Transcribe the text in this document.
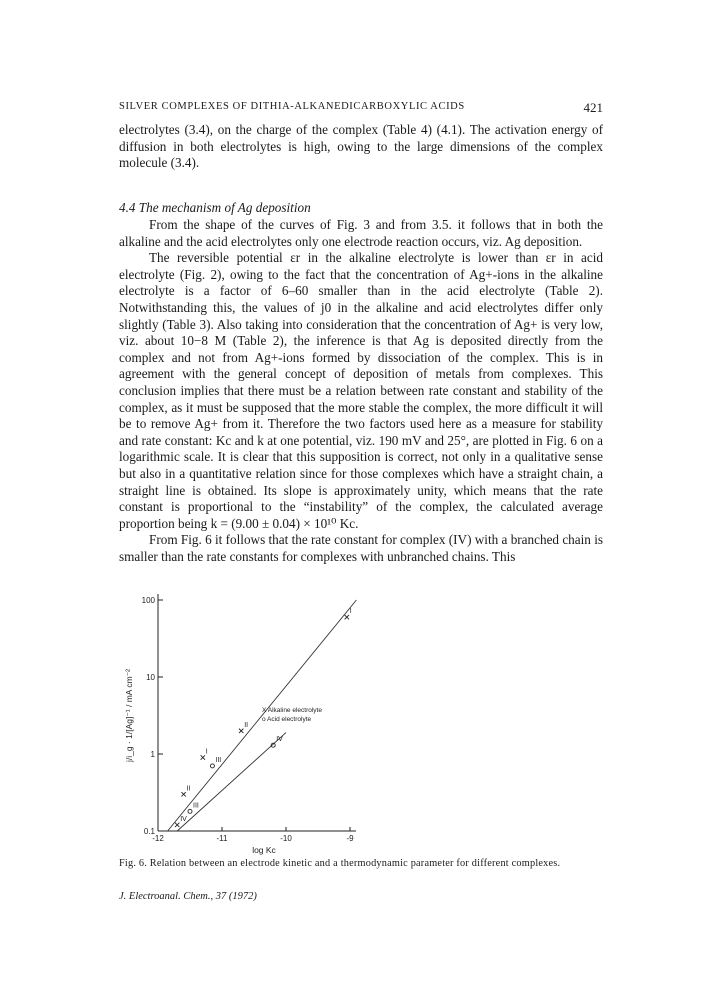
SILVER COMPLEXES OF DITHIA-ALKANEDICARBOXYLIC ACIDS	421

electrolytes (3.4), on the charge of the complex (Table 4) (4.1). The activation energy of diffusion in both electrolytes is high, owing to the large dimensions of the complex molecule (3.4).

4.4 The mechanism of Ag deposition

From the shape of the curves of Fig. 3 and from 3.5. it follows that in both the alkaline and the acid electrolytes only one electrode reaction occurs, viz. Ag deposition.

The reversible potential εr in the alkaline electrolyte is lower than εr in acid electrolyte (Fig. 2), owing to the fact that the concentration of Ag+-ions in the alkaline electrolyte is a factor of 6–60 smaller than in the acid electrolyte (Table 2). Notwithstanding this, the values of j0 in the alkaline and acid electrolytes differ only slightly (Table 3). Also taking into consideration that the concentration of Ag+ is very low, viz. about 10−8 M (Table 2), the inference is that Ag is deposited directly from the complex and not from Ag+-ions formed by dissociation of the complex. This is in agreement with the general concept of deposition of metals from complexes. This conclusion implies that there must be a relation between rate constant and stability of the complex, as it must be supposed that the more stable the complex, the more difficult it will be to remove Ag+ from it. Therefore the two factors used here as a measure for stability and rate constant: Kc and k at one potential, viz. 190 mV and 25°, are plotted in Fig. 6 on a logarithmic scale. It is clear that this supposition is correct, not only in a qualitative sense but also in a quantitative relation since for those complexes which have a straight chain, a straight line is obtained. Its slope is approximately unity, which means that the rate constant is proportional to the “instability” of the complex, the calculated average proportion being k = (9.00 ± 0.04) × 10¹⁰ Kc.

From Fig. 6 it follows that the rate constant for complex (IV) with a branched chain is smaller than the rate constants for complexes with unbranched chains. This

0.1
1
10
100
-12	-11	-10	-9
log Kc
j/i_g · 1/[Ag]⁻¹ / mA cm⁻²
I
II
I
II
IV
IV
III
III
X Alkaline electrolyte
o Acid electrolyte
Fig. 6. Relation between an electrode kinetic and a thermodynamic parameter for different complexes.
J. Electroanal. Chem., 37 (1972)
